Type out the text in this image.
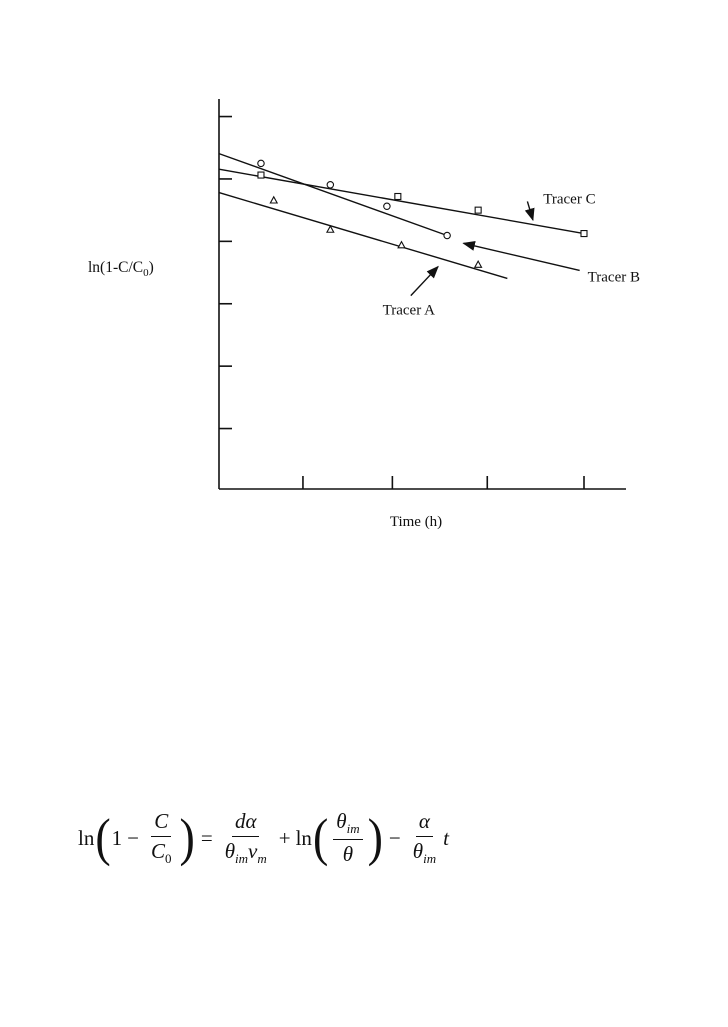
Tracer C
Tracer B
Tracer A
$\ln(1-C/C_0)$
Time (h)
ln ( $1 - \frac{C}{C_0}$ ) = $\frac{d\alpha}{\theta_{im}v_m} + \ln$ ( $\frac{\theta_{im}}{\theta}$ ) − $\frac{\alpha}{\theta_{im}}$ t
